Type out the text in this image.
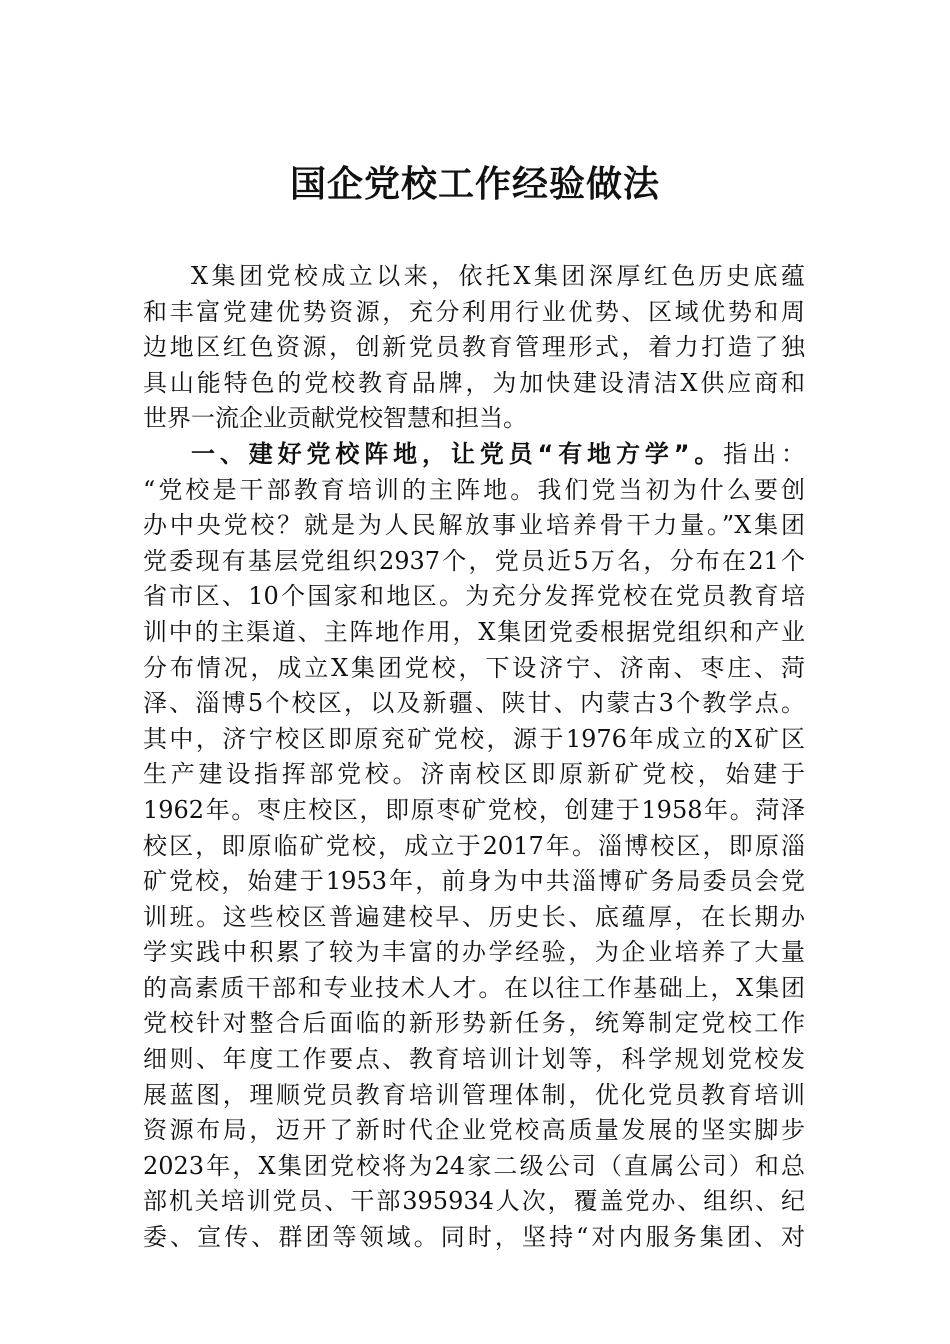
国企党校工作经验做法
X集团党校成立以来，依托X集团深厚红色历史底蕴
和丰富党建优势资源，充分利用行业优势、区域优势和周
边地区红色资源，创新党员教育管理形式，着力打造了独
具山能特色的党校教育品牌，为加快建设清洁X供应商和
世界一流企业贡献党校智慧和担当。
一、建好党校阵地，让党员“有地方学”。指出：
“党校是干部教育培训的主阵地。我们党当初为什么要创
办中央党校？就是为人民解放事业培养骨干力量。”X集团
党委现有基层党组织2937个，党员近5万名，分布在21个
省市区、10个国家和地区。为充分发挥党校在党员教育培
训中的主渠道、主阵地作用，X集团党委根据党组织和产业
分布情况，成立X集团党校，下设济宁、济南、枣庄、菏
泽、淄博5个校区，以及新疆、陕甘、内蒙古3个教学点。
其中，济宁校区即原兖矿党校，源于1976年成立的X矿区
生产建设指挥部党校。济南校区即原新矿党校，始建于
1962年。枣庄校区，即原枣矿党校，创建于1958年。菏泽
校区，即原临矿党校，成立于2017年。淄博校区，即原淄
矿党校，始建于1953年，前身为中共淄博矿务局委员会党
训班。这些校区普遍建校早、历史长、底蕴厚，在长期办
学实践中积累了较为丰富的办学经验，为企业培养了大量
的高素质干部和专业技术人才。在以往工作基础上，X集团
党校针对整合后面临的新形势新任务，统筹制定党校工作
细则、年度工作要点、教育培训计划等，科学规划党校发
展蓝图，理顺党员教育培训管理体制，优化党员教育培训
资源布局，迈开了新时代企业党校高质量发展的坚实脚步
2023年，X集团党校将为24家二级公司（直属公司）和总
部机关培训党员、干部395934人次，覆盖党办、组织、纪
委、宣传、群团等领域。同时，坚持“对内服务集团、对
